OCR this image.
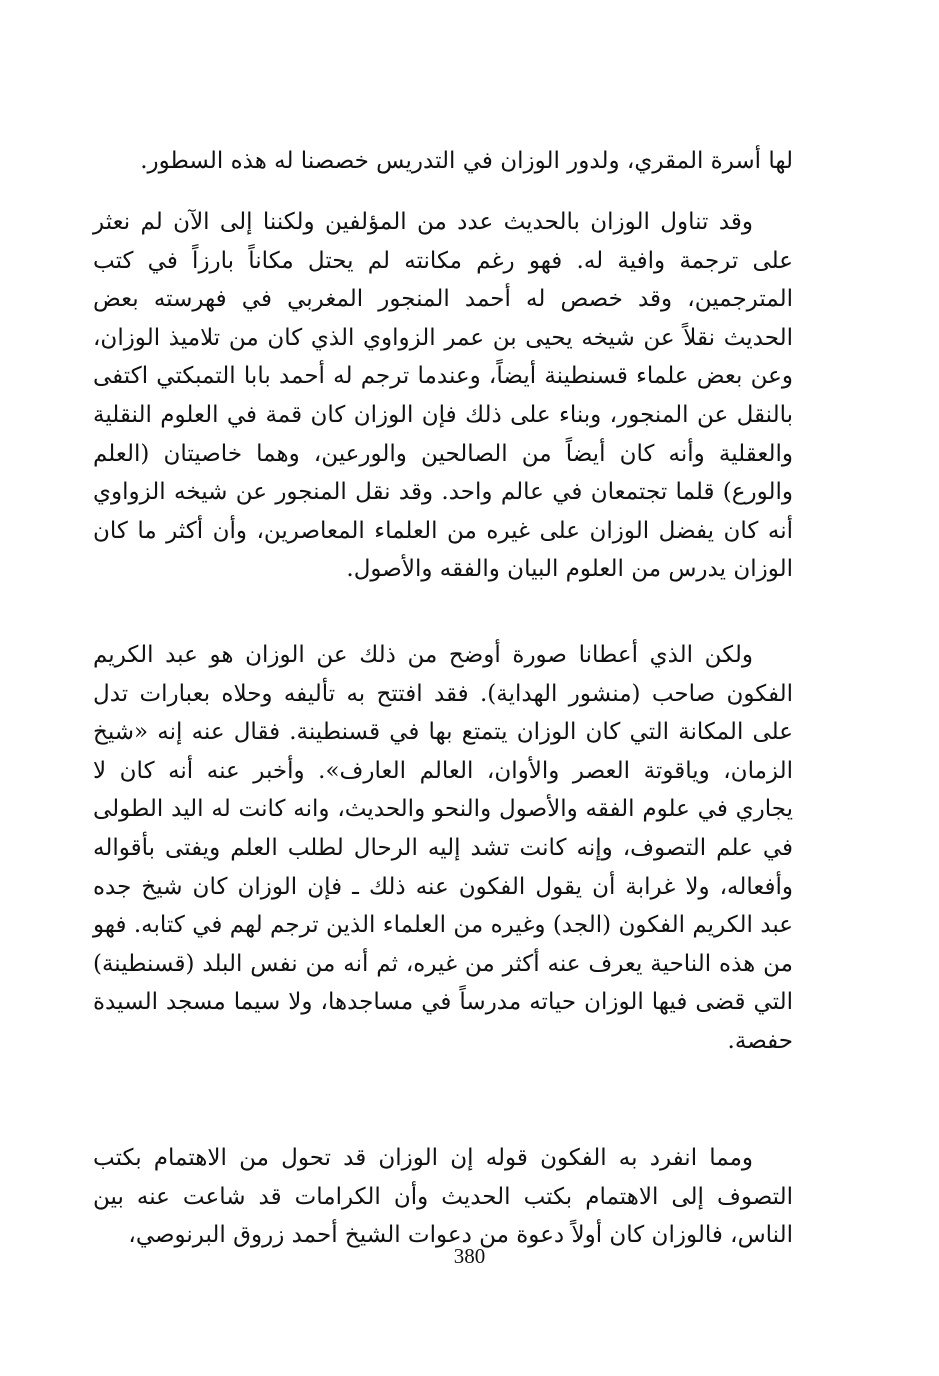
لها أسرة المقري، ولدور الوزان في التدريس خصصنا له هذه السطور.

وقد تناول الوزان بالحديث عدد من المؤلفين ولكننا إلى الآن لم نعثر على ترجمة وافية له. فهو رغم مكانته لم يحتل مكاناً بارزاً في كتب المترجمين، وقد خصص له أحمد المنجور المغربي في فهرسته بعض الحديث نقلاً عن شيخه يحيى بن عمر الزواوي الذي كان من تلاميذ الوزان، وعن بعض علماء قسنطينة أيضاً، وعندما ترجم له أحمد بابا التمبكتي اكتفى بالنقل عن المنجور، وبناء على ذلك فإن الوزان كان قمة في العلوم النقلية والعقلية وأنه كان أيضاً من الصالحين والورعين، وهما خاصيتان (العلم والورع) قلما تجتمعان في عالم واحد. وقد نقل المنجور عن شيخه الزواوي أنه كان يفضل الوزان على غيره من العلماء المعاصرين، وأن أكثر ما كان الوزان يدرس من العلوم البيان والفقه والأصول.

ولكن الذي أعطانا صورة أوضح من ذلك عن الوزان هو عبد الكريم الفكون صاحب (منشور الهداية). فقد افتتح به تأليفه وحلاه بعبارات تدل على المكانة التي كان الوزان يتمتع بها في قسنطينة. فقال عنه إنه «شيخ الزمان، وياقوتة العصر والأوان، العالم العارف». وأخبر عنه أنه كان لا يجاري في علوم الفقه والأصول والنحو والحديث، وانه كانت له اليد الطولى في علم التصوف، وإنه كانت تشد إليه الرحال لطلب العلم ويفتى بأقواله وأفعاله، ولا غرابة أن يقول الفكون عنه ذلك ـ فإن الوزان كان شيخ جده عبد الكريم الفكون (الجد) وغيره من العلماء الذين ترجم لهم في كتابه. فهو من هذه الناحية يعرف عنه أكثر من غيره، ثم أنه من نفس البلد (قسنطينة) التي قضى فيها الوزان حياته مدرساً في مساجدها، ولا سيما مسجد السيدة حفصة.

ومما انفرد به الفكون قوله إن الوزان قد تحول من الاهتمام بكتب التصوف إلى الاهتمام بكتب الحديث وأن الكرامات قد شاعت عنه بين الناس، فالوزان كان أولاً دعوة من دعوات الشيخ أحمد زروق البرنوصي،

380
